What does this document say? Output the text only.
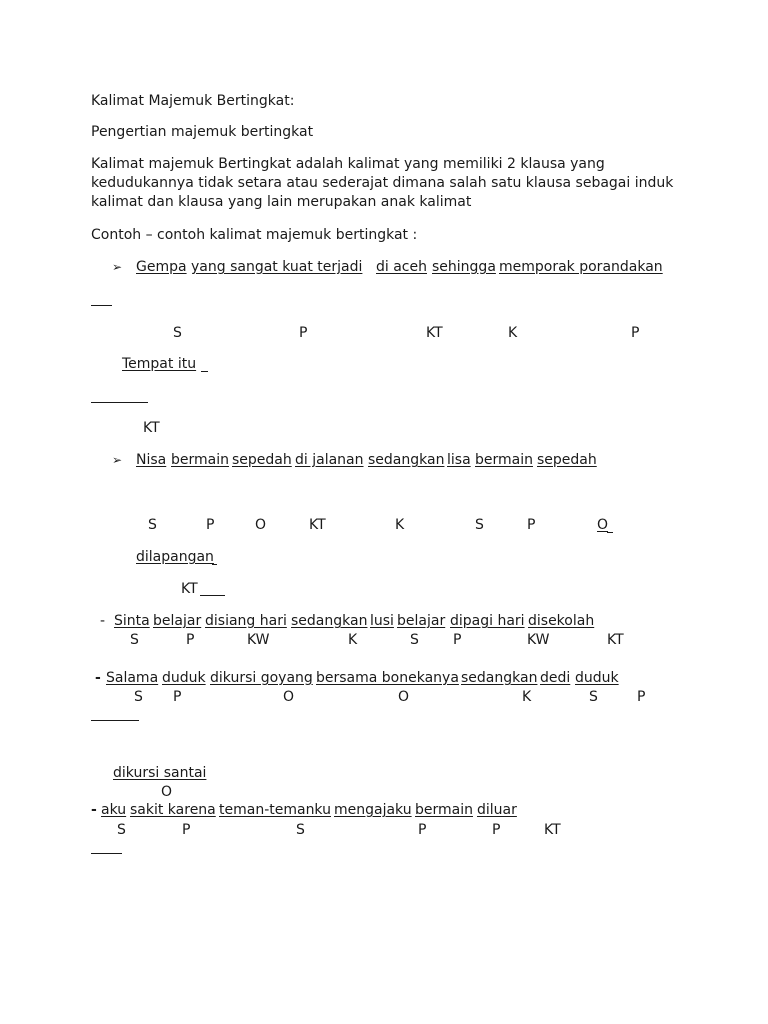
Kalimat Majemuk Bertingkat:
Pengertian majemuk bertingkat
Kalimat majemuk Bertingkat adalah kalimat yang memiliki 2 klausa yang
kedudukannya tidak setara atau sederajat dimana salah satu klausa sebagai induk
kalimat dan klausa yang lain merupakan anak kalimat
Contoh – contoh kalimat majemuk bertingkat :
➢ Gempa yang sangat kuat terjadi di aceh sehingga memporak porandakan
S	P	KT	K	P
Tempat itu
KT
➢ Nisa bermain sepedah di jalanan sedangkan lisa bermain sepedah
S	P	O	KT	K	S	P	O
dilapangan
KT
- Sinta belajar disiang hari sedangkan lusi belajar dipagi hari disekolah
S	P	KW	K	S P	KW	KT
- Salama duduk dikursi goyang bersama bonekanya sedangkan dedi duduk
S P	O	O	K	S	P
dikursi santai
O
- aku sakit karena teman-temanku mengajaku bermain diluar
S	P	S	P	P	KT
